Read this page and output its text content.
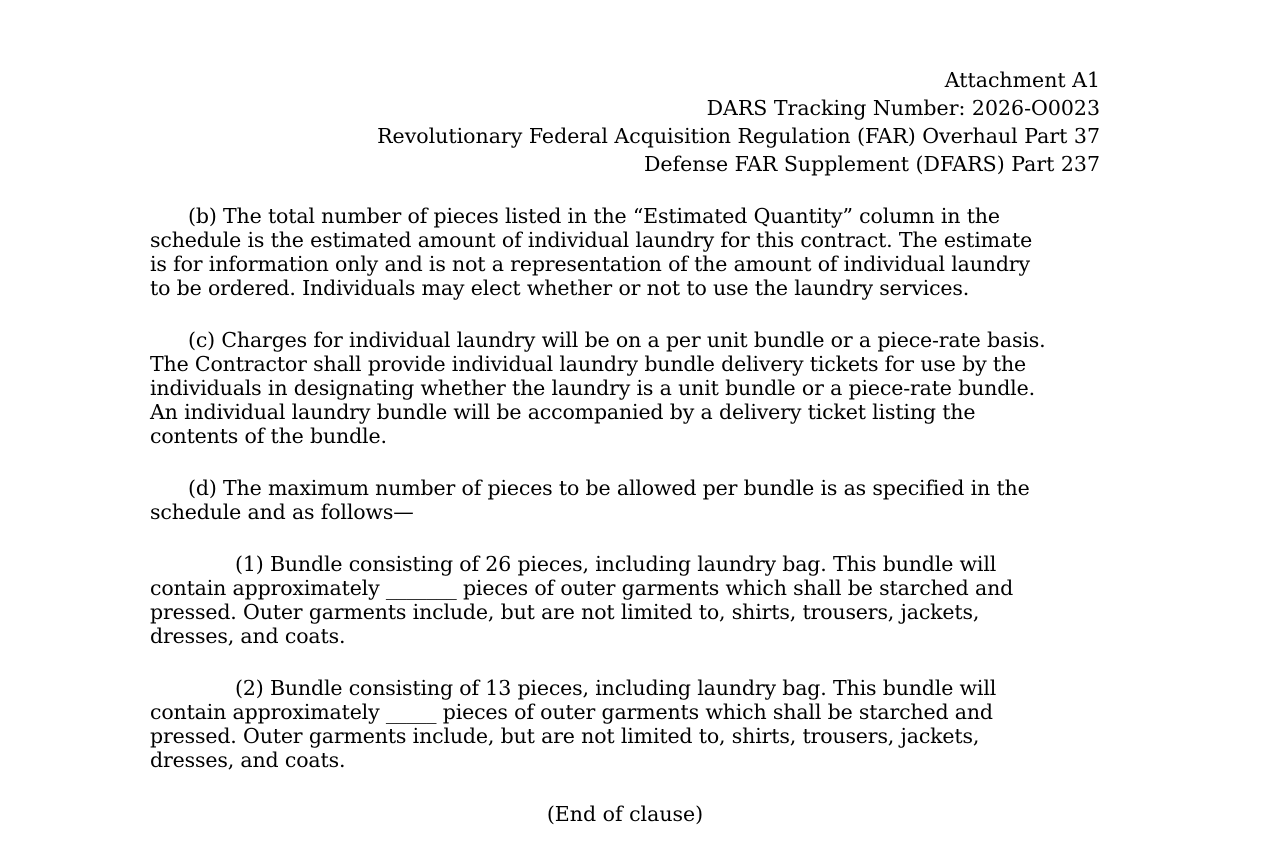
Attachment A1
DARS Tracking Number: 2026-O0023
Revolutionary Federal Acquisition Regulation (FAR) Overhaul Part 37
Defense FAR Supplement (DFARS) Part 237
(b) The total number of pieces listed in the “Estimated Quantity” column in the
schedule is the estimated amount of individual laundry for this contract. The estimate
is for information only and is not a representation of the amount of individual laundry
to be ordered. Individuals may elect whether or not to use the laundry services.
(c) Charges for individual laundry will be on a per unit bundle or a piece-rate basis.
The Contractor shall provide individual laundry bundle delivery tickets for use by the
individuals in designating whether the laundry is a unit bundle or a piece-rate bundle.
An individual laundry bundle will be accompanied by a delivery ticket listing the
contents of the bundle.
(d) The maximum number of pieces to be allowed per bundle is as specified in the
schedule and as follows—
(1) Bundle consisting of 26 pieces, including laundry bag. This bundle will
contain approximately _______ pieces of outer garments which shall be starched and
pressed. Outer garments include, but are not limited to, shirts, trousers, jackets,
dresses, and coats.
(2) Bundle consisting of 13 pieces, including laundry bag. This bundle will
contain approximately _____ pieces of outer garments which shall be starched and
pressed. Outer garments include, but are not limited to, shirts, trousers, jackets,
dresses, and coats.
(End of clause)
